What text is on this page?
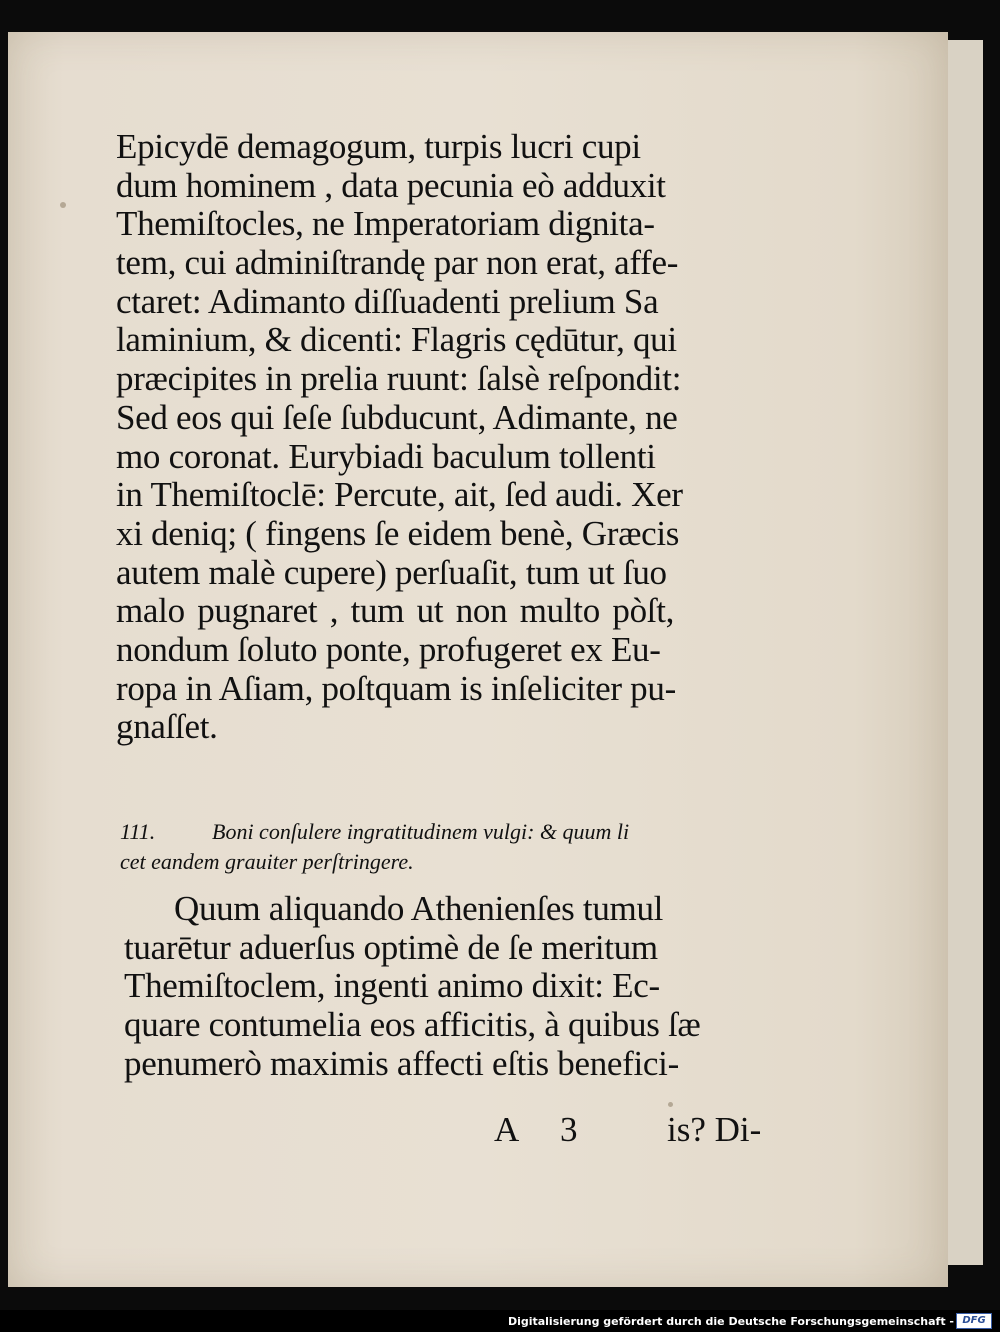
Epicydē demagogum, turpis lucri cupi
dum hominem , data pecunia eò adduxit
Themiſtocles, ne Imperatoriam dignita-
tem, cui adminiſtrandę par non erat, affe-
ctaret: Adimanto diſſuadenti prelium Sa
laminium, & dicenti: Flagris cędūtur, qui
præcipites in prelia ruunt: ſalsè reſpondit:
Sed eos qui ſeſe ſubducunt, Adimante, ne
mo coronat. Eurybiadi baculum tollenti
in Themiſtoclē: Percute, ait, ſed audi. Xer
xi deniq; ( fingens ſe eidem benè, Græcis
autem malè cupere) perſuaſit, tum ut ſuo
malo pugnaret , tum ut non multo pòſt,
nondum ſoluto ponte, profugeret ex Eu-
ropa in Aſiam, poſtquam is inſeliciter pu-
gnaſſet.
111.	Boni conſulere ingratitudinem vulgi: & quum li
cet eandem grauiter perſtringere.
Quum aliquando Athenienſes tumul
tuarētur aduerſus optimè de ſe meritum
Themiſtoclem, ingenti animo dixit: Ec-
quare contumelia eos afficitis, à quibus ſæ
penumerò maximis affecti eſtis benefici-
A 3	is? Di-
Digitalisierung gefördert durch die Deutsche Forschungsgemeinschaft - DFG
